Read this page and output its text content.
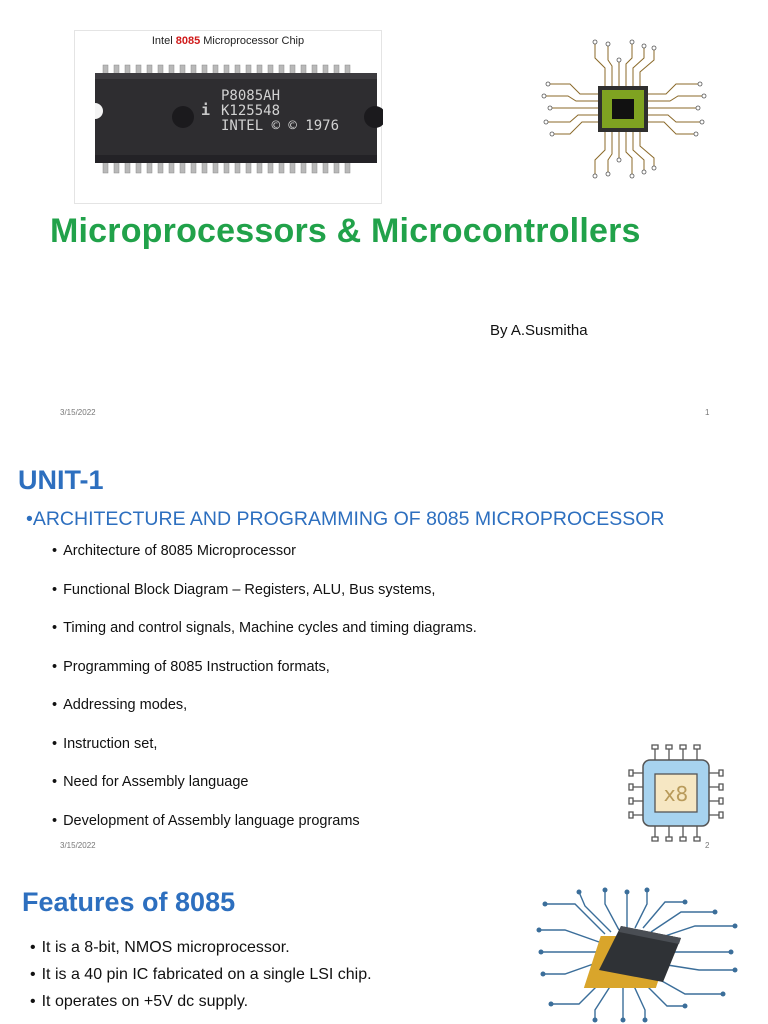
Intel 8085 Microprocessor Chip
i
P8085AH
K125548
INTEL © © 1976
Microprocessors & Microcontrollers
By A.Susmitha
3/15/2022	1
UNIT-1
•ARCHITECTURE AND PROGRAMMING OF 8085 MICROPROCESSOR
• Architecture of 8085 Microprocessor
• Functional Block Diagram – Registers, ALU, Bus systems,
• Timing and control signals, Machine cycles and timing diagrams.
• Programming of 8085 Instruction formats,
• Addressing modes,
• Instruction set,
• Need for Assembly language
• Development of Assembly language programs
x8
3/15/2022	2
Features of 8085
• It is a 8-bit, NMOS microprocessor.
• It is a 40 pin IC fabricated on a single LSI chip.
• It operates on +5V dc supply.
